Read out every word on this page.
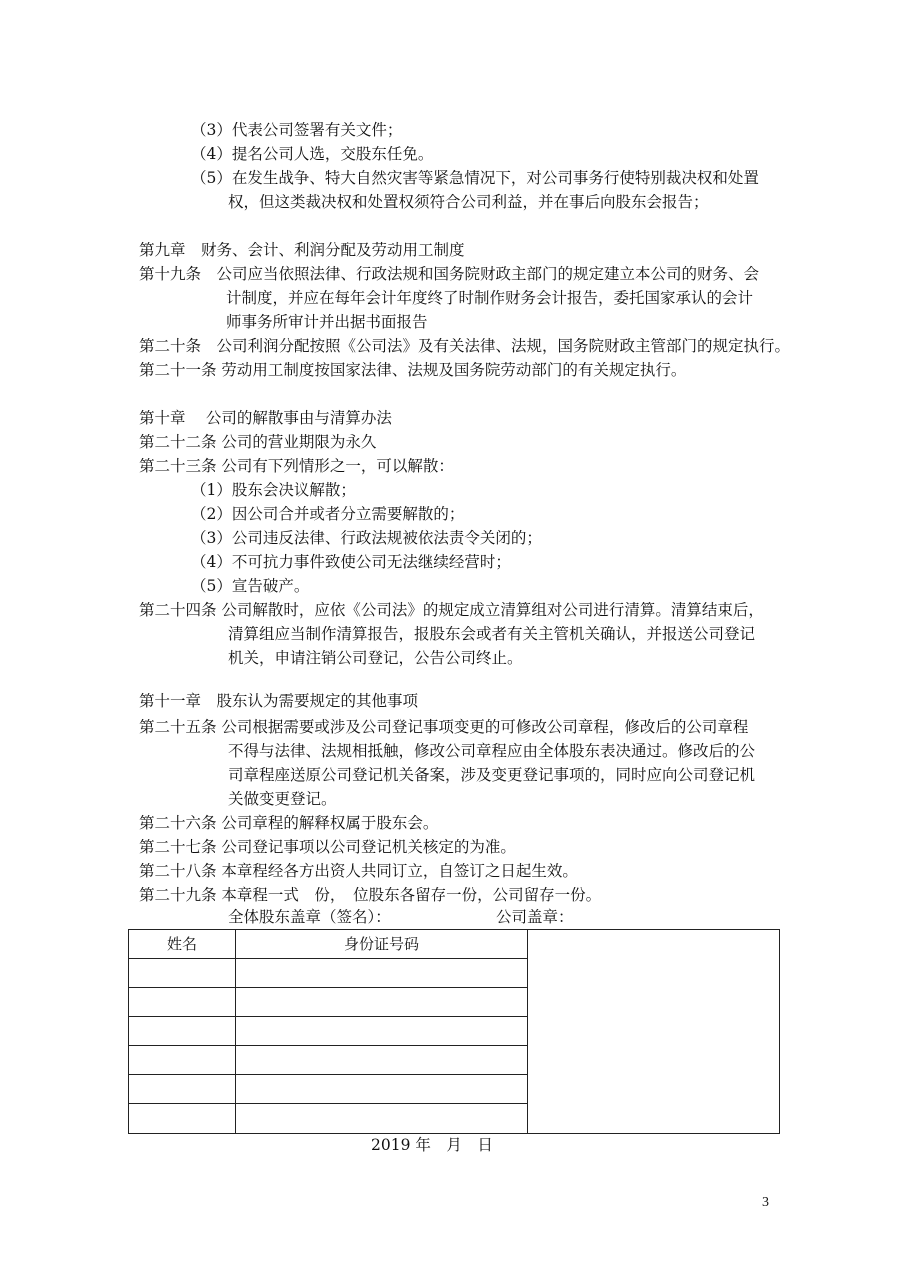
（3）代表公司签署有关文件；
（4）提名公司人选，交股东任免。
（5）在发生战争、特大自然灾害等紧急情况下，对公司事务行使特别裁决权和处置
权，但这类裁决权和处置权须符合公司利益，并在事后向股东会报告；
第九章　财务、会计、利润分配及劳动用工制度
第十九条　公司应当依照法律、行政法规和国务院财政主部门的规定建立本公司的财务、会
计制度，并应在每年会计年度终了时制作财务会计报告，委托国家承认的会计
师事务所审计并出据书面报告
第二十条　公司利润分配按照《公司法》及有关法律、法规，国务院财政主管部门的规定执行。
第二十一条 劳动用工制度按国家法律、法规及国务院劳动部门的有关规定执行。
第十章　 公司的解散事由与清算办法
第二十二条 公司的营业期限为永久
第二十三条 公司有下列情形之一，可以解散：
（1）股东会决议解散；
（2）因公司合并或者分立需要解散的；
（3）公司违反法律、行政法规被依法责令关闭的；
（4）不可抗力事件致使公司无法继续经营时；
（5）宣告破产。
第二十四条 公司解散时，应依《公司法》的规定成立清算组对公司进行清算。清算结束后，
清算组应当制作清算报告，报股东会或者有关主管机关确认，并报送公司登记
机关，申请注销公司登记，公告公司终止。
第十一章　股东认为需要规定的其他事项
第二十五条 公司根据需要或涉及公司登记事项变更的可修改公司章程，修改后的公司章程
不得与法律、法规相抵触，修改公司章程应由全体股东表决通过。修改后的公
司章程座送原公司登记机关备案，涉及变更登记事项的，同时应向公司登记机
关做变更登记。
第二十六条 公司章程的解释权属于股东会。
第二十七条 公司登记事项以公司登记机关核定的为准。
第二十八条 本章程经各方出资人共同订立，自签订之日起生效。
第二十九条 本章程一式　份，　位股东各留存一份，公司留存一份。
全体股东盖章（签名）：	公司盖章：
姓名	身份证号码	

2019 年　月　日
3
